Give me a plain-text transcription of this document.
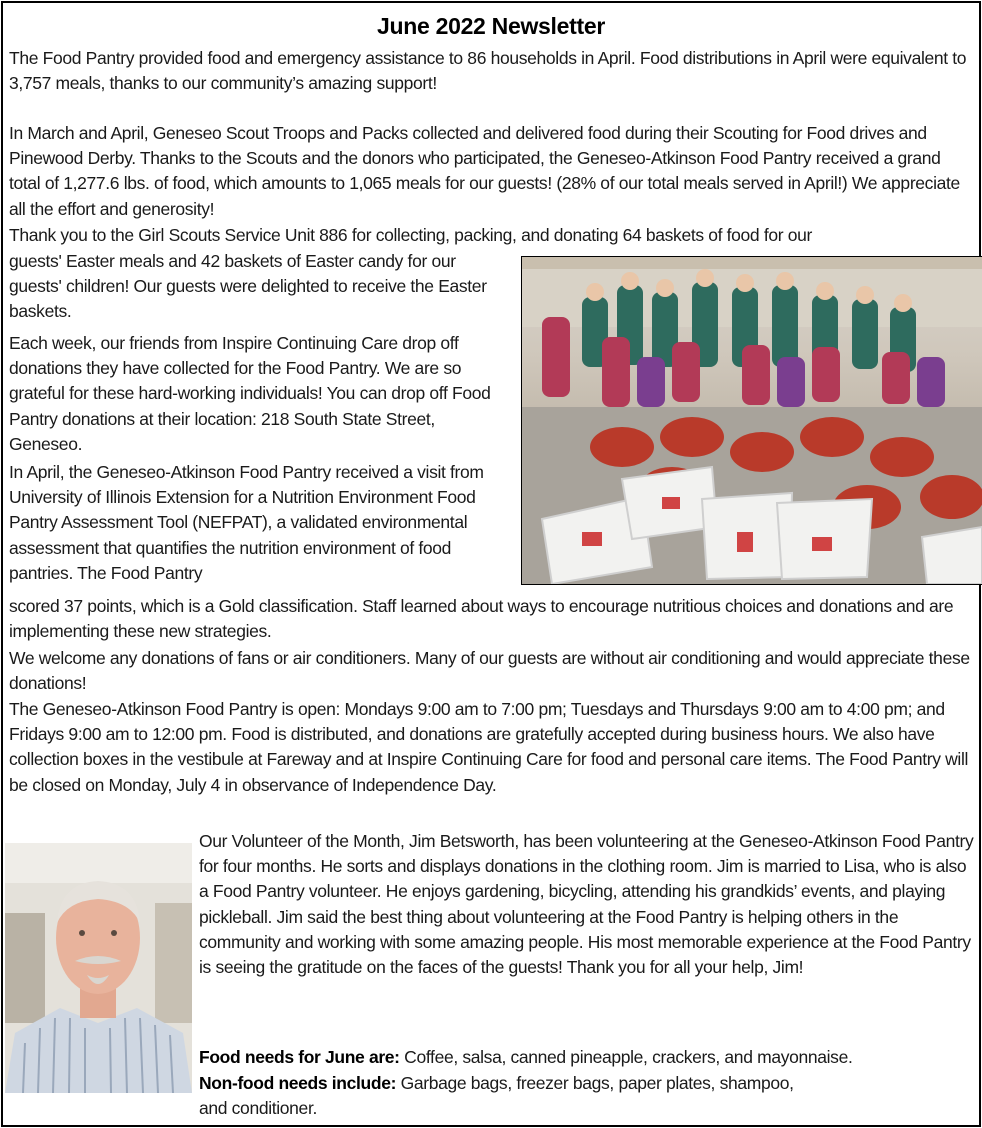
June 2022 Newsletter

The Food Pantry provided food and emergency assistance to 86 households in April. Food distributions in April were equivalent to 3,757 meals, thanks to our community’s amazing support!

In March and April, Geneseo Scout Troops and Packs collected and delivered food during their Scouting for Food drives and Pinewood Derby. Thanks to the Scouts and the donors who participated, the Geneseo-Atkinson Food Pantry received a grand total of 1,277.6 lbs. of food, which amounts to 1,065 meals for our guests! (28% of our total meals served in April!) We appreciate all the effort and generosity!

Thank you to the Girl Scouts Service Unit 886 for collecting, packing, and donating 64 baskets of food for our

guests' Easter meals and 42 baskets of Easter candy for our guests' children! Our guests were delighted to receive the Easter baskets.

Each week, our friends from Inspire Continuing Care drop off donations they have collected for the Food Pantry. We are so grateful for these hard-working individuals! You can drop off Food Pantry donations at their location: 218 South State Street, Geneseo.

In April, the Geneseo-Atkinson Food Pantry received a visit from University of Illinois Extension for a Nutrition Environment Food Pantry Assessment Tool (NEFPAT), a validated environmental assessment that quantifies the nutrition environment of food pantries. The Food Pantry

scored 37 points, which is a Gold classification. Staff learned about ways to encourage nutritious choices and donations and are implementing these new strategies.

We welcome any donations of fans or air conditioners. Many of our guests are without air conditioning and would appreciate these donations!

The Geneseo-Atkinson Food Pantry is open: Mondays 9:00 am to 7:00 pm; Tuesdays and Thursdays 9:00 am to 4:00 pm; and Fridays 9:00 am to 12:00 pm. Food is distributed, and donations are gratefully accepted during business hours. We also have collection boxes in the vestibule at Fareway and at Inspire Continuing Care for food and personal care items. The Food Pantry will be closed on Monday, July 4 in observance of Independence Day.

Our Volunteer of the Month, Jim Betsworth, has been volunteering at the Geneseo-Atkinson Food Pantry for four months. He sorts and displays donations in the clothing room. Jim is married to Lisa, who is also a Food Pantry volunteer. He enjoys gardening, bicycling, attending his grandkids’ events, and playing pickleball. Jim said the best thing about volunteering at the Food Pantry is helping others in the community and working with some amazing people. His most memorable experience at the Food Pantry is seeing the gratitude on the faces of the guests! Thank you for all your help, Jim!

Food needs for June are: Coffee, salsa, canned pineapple, crackers, and mayonnaise.

Non-food needs include: Garbage bags, freezer bags, paper plates, shampoo,

and conditioner.
